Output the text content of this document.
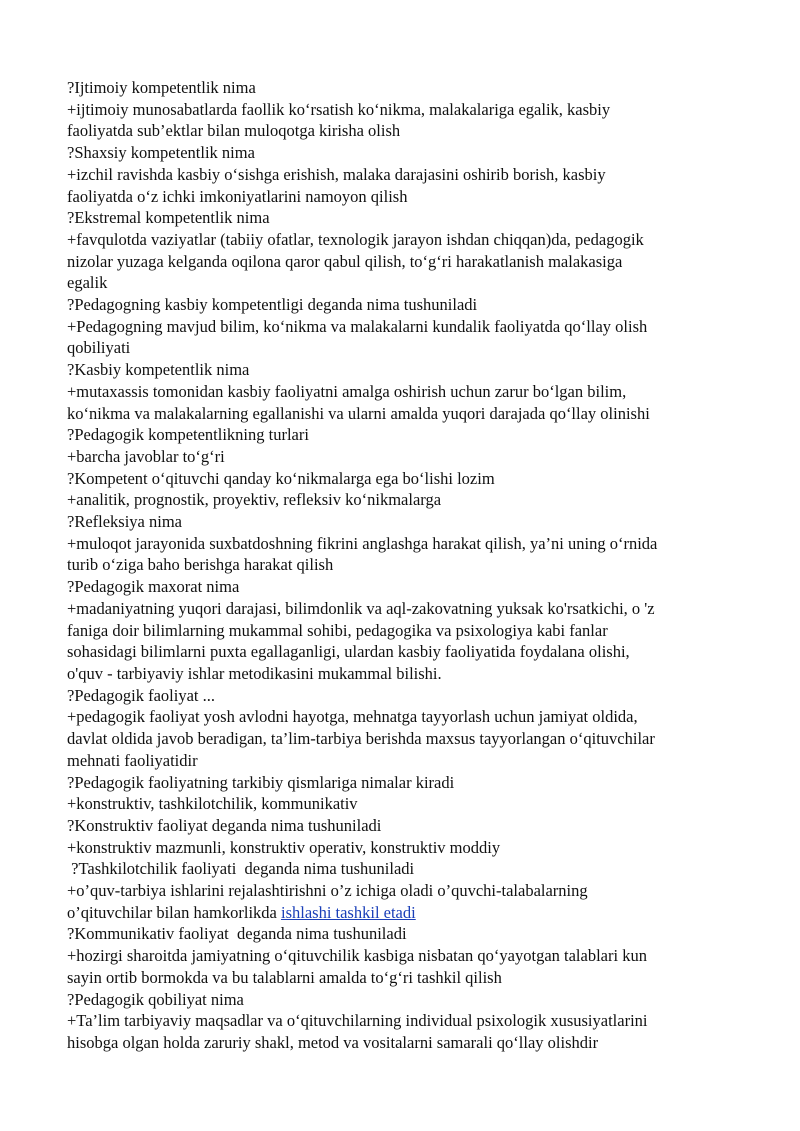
?Ijtimoiy kompetentlik nima
+ijtimoiy munosabatlarda faollik koʻrsatish koʻnikma, malakalariga egalik, kasbiy
faoliyatda sub’ektlar bilan muloqotga kirisha olish
?Shaxsiy kompetentlik nima
+izchil ravishda kasbiy oʻsishga erishish, malaka darajasini oshirib borish, kasbiy
faoliyatda oʻz ichki imkoniyatlarini namoyon qilish
?Ekstremal kompetentlik nima
+favqulotda vaziyatlar (tabiiy ofatlar, texnologik jarayon ishdan chiqqan)da, pedagogik
nizolar yuzaga kelganda oqilona qaror qabul qilish, toʻgʻri harakatlanish malakasiga
egalik
?Pedagogning kasbiy kompetentligi deganda nima tushuniladi
+Pedagogning mavjud bilim, koʻnikma va malakalarni kundalik faoliyatda qoʻllay olish
qobiliyati
?Kasbiy kompetentlik nima
+mutaxassis tomonidan kasbiy faoliyatni amalga oshirish uchun zarur boʻlgan bilim,
koʻnikma va malakalarning egallanishi va ularni amalda yuqori darajada qoʻllay olinishi
?Pedagogik kompetentlikning turlari
+barcha javoblar toʻgʻri
?Kompetent oʻqituvchi qanday koʻnikmalarga ega boʻlishi lozim
+analitik, prognostik, proyektiv, refleksiv koʻnikmalarga
?Refleksiya nima
+muloqot jarayonida suxbatdoshning fikrini anglashga harakat qilish, ya’ni uning oʻrnida
turib oʻziga baho berishga harakat qilish
?Pedagogik maxorat nima
+madaniyatning yuqori darajasi, bilimdonlik va aql-zakovatning yuksak ko'rsatkichi, o 'z
faniga doir bilimlarning mukammal sohibi, pedagogika va psixologiya kabi fanlar
sohasidagi bilimlarni puxta egallaganligi, ulardan kasbiy faoliyatida foydalana olishi,
o'quv - tarbiyaviy ishlar metodikasini mukammal bilishi.
?Pedagogik faoliyat ...
+pedagogik faoliyat yosh avlodni hayotga, mehnatga tayyorlash uchun jamiyat oldida,
davlat oldida javob beradigan, ta’lim-tarbiya berishda maxsus tayyorlangan oʻqituvchilar
mehnati faoliyatidir
?Pedagogik faoliyatning tarkibiy qismlariga nimalar kiradi
+konstruktiv, tashkilotchilik, kommunikativ
?Konstruktiv faoliyat deganda nima tushuniladi
+konstruktiv mazmunli, konstruktiv operativ, konstruktiv moddiy
?Tashkilotchilik faoliyati  deganda nima tushuniladi
+o’quv-tarbiya ishlarini rejalashtirishni o’z ichiga oladi o’quvchi-talabalarning
o’qituvchilar bilan hamkorlikda ishlashi tashkil etadi
?Kommunikativ faoliyat  deganda nima tushuniladi
+hozirgi sharoitda jamiyatning oʻqituvchilik kasbiga nisbatan qoʻyayotgan talablari kun
sayin ortib bormokda va bu talablarni amalda toʻgʻri tashkil qilish
?Pedagogik qobiliyat nima
+Ta’lim tarbiyaviy maqsadlar va oʻqituvchilarning individual psixologik xususiyatlarini
hisobga olgan holda zaruriy shakl, metod va vositalarni samarali qoʻllay olishdir
